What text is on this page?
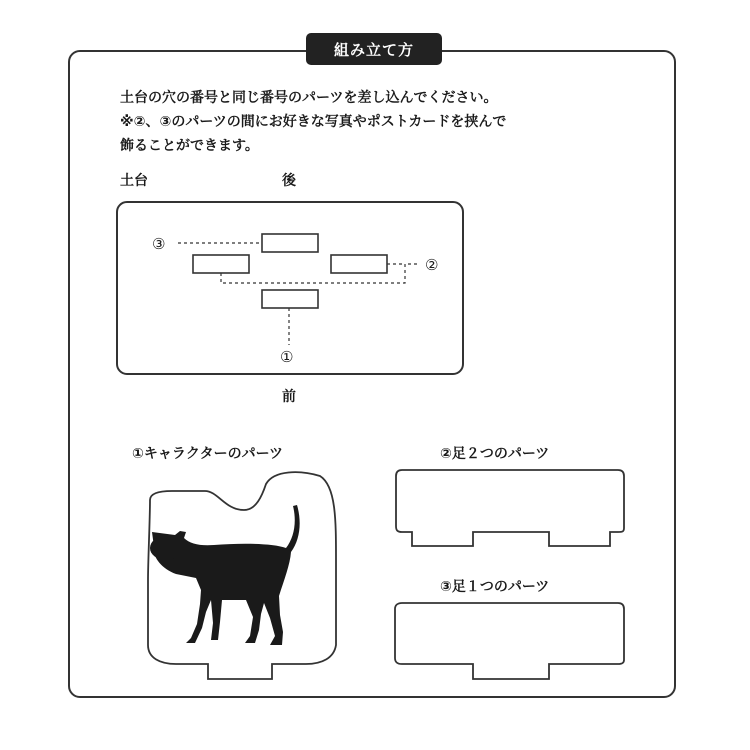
組み立て方
土台の穴の番号と同じ番号のパーツを差し込んでください。
※②、③のパーツの間にお好きな写真やポストカードを挟んで
飾ることができます。
土台	後
前
③
②
①
①キャラクターのパーツ	②足２つのパーツ
③足１つのパーツ
